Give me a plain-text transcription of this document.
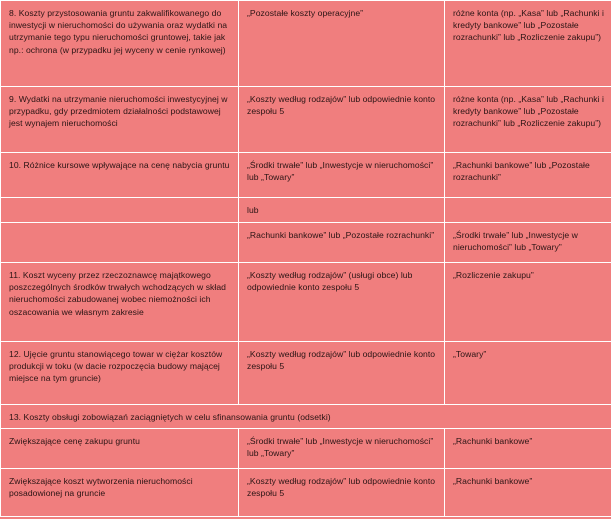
8. Koszty przystosowania gruntu zakwalifikowanego do inwestycji w nieruchomości do używania oraz wydatki na utrzymanie tego typu nieruchomości gruntowej, takie jak np.: ochrona (w przypadku jej wyceny w cenie rynkowej)	„Pozostałe koszty operacyjne”	różne konta (np. „Kasa” lub „Rachunki i kredyty bankowe” lub „Pozostałe rozrachunki” lub „Rozliczenie zakupu”)
9. Wydatki na utrzymanie nieruchomości inwestycyjnej w przypadku, gdy przedmiotem działalności podstawowej jest wynajem nieruchomości	„Koszty według rodzajów” lub odpowiednie konto zespołu 5	różne konta (np. „Kasa” lub „Rachunki i kredyty bankowe” lub „Pozostałe rozrachunki” lub „Rozliczenie zakupu”)
10. Różnice kursowe wpływające na cenę nabycia gruntu	„Środki trwałe” lub „Inwestycje w nieruchomości” lub „Towary”	„Rachunki bankowe” lub „Pozostałe rozrachunki”
	lub	
	„Rachunki bankowe” lub „Pozostałe rozrachunki”	„Środki trwałe” lub „Inwestycje w nieruchomości” lub „Towary”
11. Koszt wyceny przez rzeczoznawcę majątkowego poszczególnych środków trwałych wchodzących w skład nieruchomości zabudowanej wobec niemożności ich oszacowania we własnym zakresie	„Koszty według rodzajów” (usługi obce) lub odpowiednie konto zespołu 5	„Rozliczenie zakupu”
12. Ujęcie gruntu stanowiącego towar w ciężar kosztów produkcji w toku (w dacie rozpoczęcia budowy mającej miejsce na tym gruncie)	„Koszty według rodzajów” lub odpowiednie konto zespołu 5	„Towary”
13. Koszty obsługi zobowiązań zaciągniętych w celu sfinansowania gruntu (odsetki)		
Zwiększające cenę zakupu gruntu	„Środki trwałe” lub „Inwestycje w nieruchomości” lub „Towary”	„Rachunki bankowe”
Zwiększające koszt wytworzenia nieruchomości posadowionej na gruncie	„Koszty według rodzajów” lub odpowiednie konto zespołu 5	„Rachunki bankowe”
